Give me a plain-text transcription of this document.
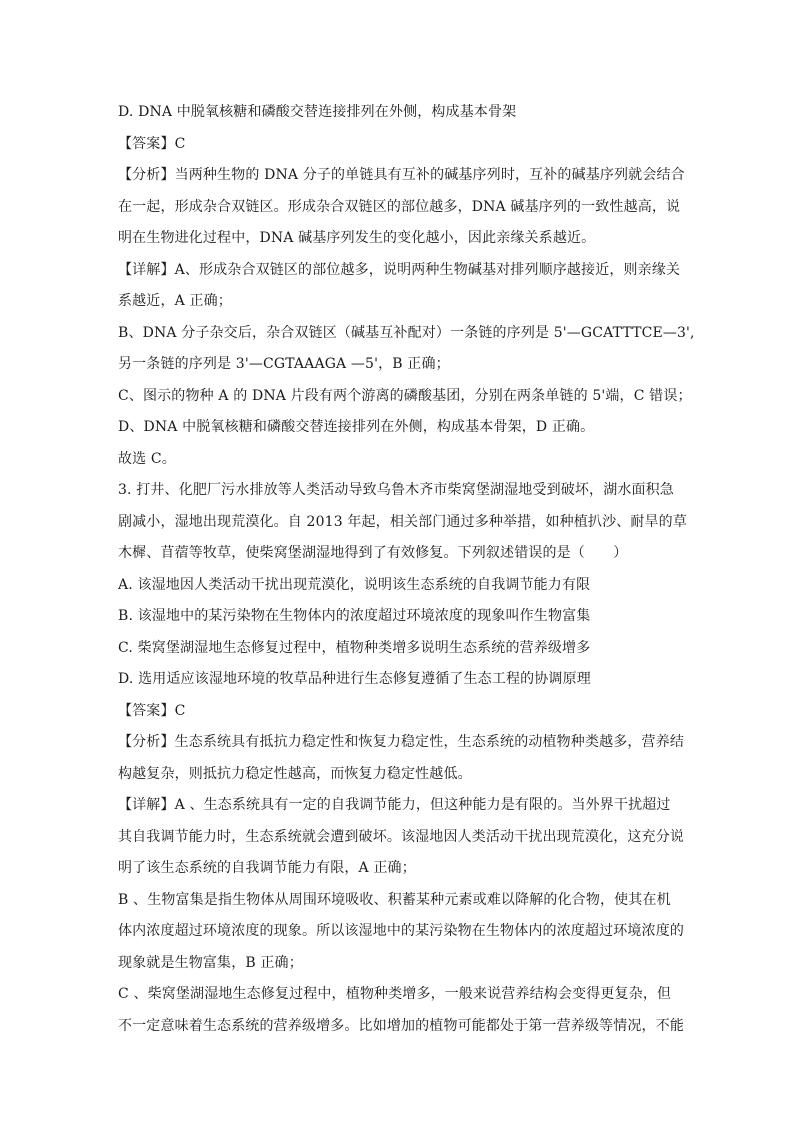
D. DNA 中脱氧核糖和磷酸交替连接排列在外侧，构成基本骨架
【答案】C
【分析】当两种生物的 DNA 分子的单链具有互补的碱基序列时，互补的碱基序列就会结合
在一起，形成杂合双链区。形成杂合双链区的部位越多，DNA 碱基序列的一致性越高，说
明在生物进化过程中，DNA 碱基序列发生的变化越小，因此亲缘关系越近。
【详解】A、形成杂合双链区的部位越多，说明两种生物碱基对排列顺序越接近，则亲缘关
系越近，A 正确；
B、DNA 分子杂交后，杂合双链区（碱基互补配对）一条链的序列是 5'—GCATTTCE—3',
另一条链的序列是 3'—CGTAAAGA —5'，B 正确；
C、图示的物种 A 的 DNA 片段有两个游离的磷酸基团，分别在两条单链的 5'端，C 错误；
D、DNA 中脱氧核糖和磷酸交替连接排列在外侧，构成基本骨架，D 正确。
故选 C。
3. 打井、化肥厂污水排放等人类活动导致乌鲁木齐市柴窝堡湖湿地受到破坏，湖水面积急
剧减小，湿地出现荒漠化。自 2013 年起，相关部门通过多种举措，如种植扒沙、耐旱的草
木樨、苜蓿等牧草，使柴窝堡湖湿地得到了有效修复。下列叙述错误的是（　　）
A. 该湿地因人类活动干扰出现荒漠化，说明该生态系统的自我调节能力有限
B. 该湿地中的某污染物在生物体内的浓度超过环境浓度的现象叫作生物富集
C. 柴窝堡湖湿地生态修复过程中，植物种类增多说明生态系统的营养级增多
D. 选用适应该湿地环境的牧草品种进行生态修复遵循了生态工程的协调原理
【答案】C
【分析】生态系统具有抵抗力稳定性和恢复力稳定性，生态系统的动植物种类越多，营养结
构越复杂，则抵抗力稳定性越高，而恢复力稳定性越低。
【详解】A 、生态系统具有一定的自我调节能力，但这种能力是有限的。当外界干扰超过
其自我调节能力时，生态系统就会遭到破坏。该湿地因人类活动干扰出现荒漠化，这充分说
明了该生态系统的自我调节能力有限，A 正确；
B 、生物富集是指生物体从周围环境吸收、积蓄某种元素或难以降解的化合物，使其在机
体内浓度超过环境浓度的现象。所以该湿地中的某污染物在生物体内的浓度超过环境浓度的
现象就是生物富集，B 正确；
C 、柴窝堡湖湿地生态修复过程中，植物种类增多，一般来说营养结构会变得更复杂，但
不一定意味着生态系统的营养级增多。比如增加的植物可能都处于第一营养级等情况，不能
